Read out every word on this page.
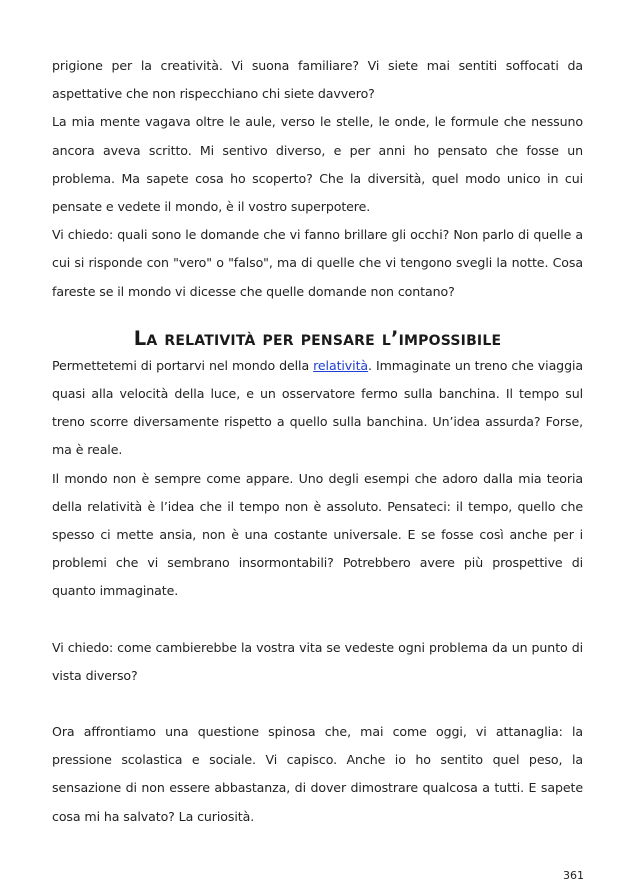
prigione per la creatività. Vi suona familiare? Vi siete mai sentiti soffocati da aspettative che non rispecchiano chi siete davvero?

La mia mente vagava oltre le aule, verso le stelle, le onde, le formule che nessuno ancora aveva scritto. Mi sentivo diverso, e per anni ho pensato che fosse un problema. Ma sapete cosa ho scoperto? Che la diversità, quel modo unico in cui pensate e vedete il mondo, è il vostro superpotere.

Vi chiedo: quali sono le domande che vi fanno brillare gli occhi? Non parlo di quelle a cui si risponde con "vero" o "falso", ma di quelle che vi tengono svegli la notte. Cosa fareste se il mondo vi dicesse che quelle domande non contano?

La relatività per pensare l’impossibile

Permettetemi di portarvi nel mondo della relatività. Immaginate un treno che viaggia quasi alla velocità della luce, e un osservatore fermo sulla banchina. Il tempo sul treno scorre diversamente rispetto a quello sulla banchina. Un’idea assurda? Forse, ma è reale.

Il mondo non è sempre come appare. Uno degli esempi che adoro dalla mia teoria della relatività è l’idea che il tempo non è assoluto. Pensateci: il tempo, quello che spesso ci mette ansia, non è una costante universale. E se fosse così anche per i problemi che vi sembrano insormontabili? Potrebbero avere più prospettive di quanto immaginate.

Vi chiedo: come cambierebbe la vostra vita se vedeste ogni problema da un punto di vista diverso?

Ora affrontiamo una questione spinosa che, mai come oggi, vi attanaglia: la pressione scolastica e sociale. Vi capisco. Anche io ho sentito quel peso, la sensazione di non essere abbastanza, di dover dimostrare qualcosa a tutti. E sapete cosa mi ha salvato? La curiosità.

361
